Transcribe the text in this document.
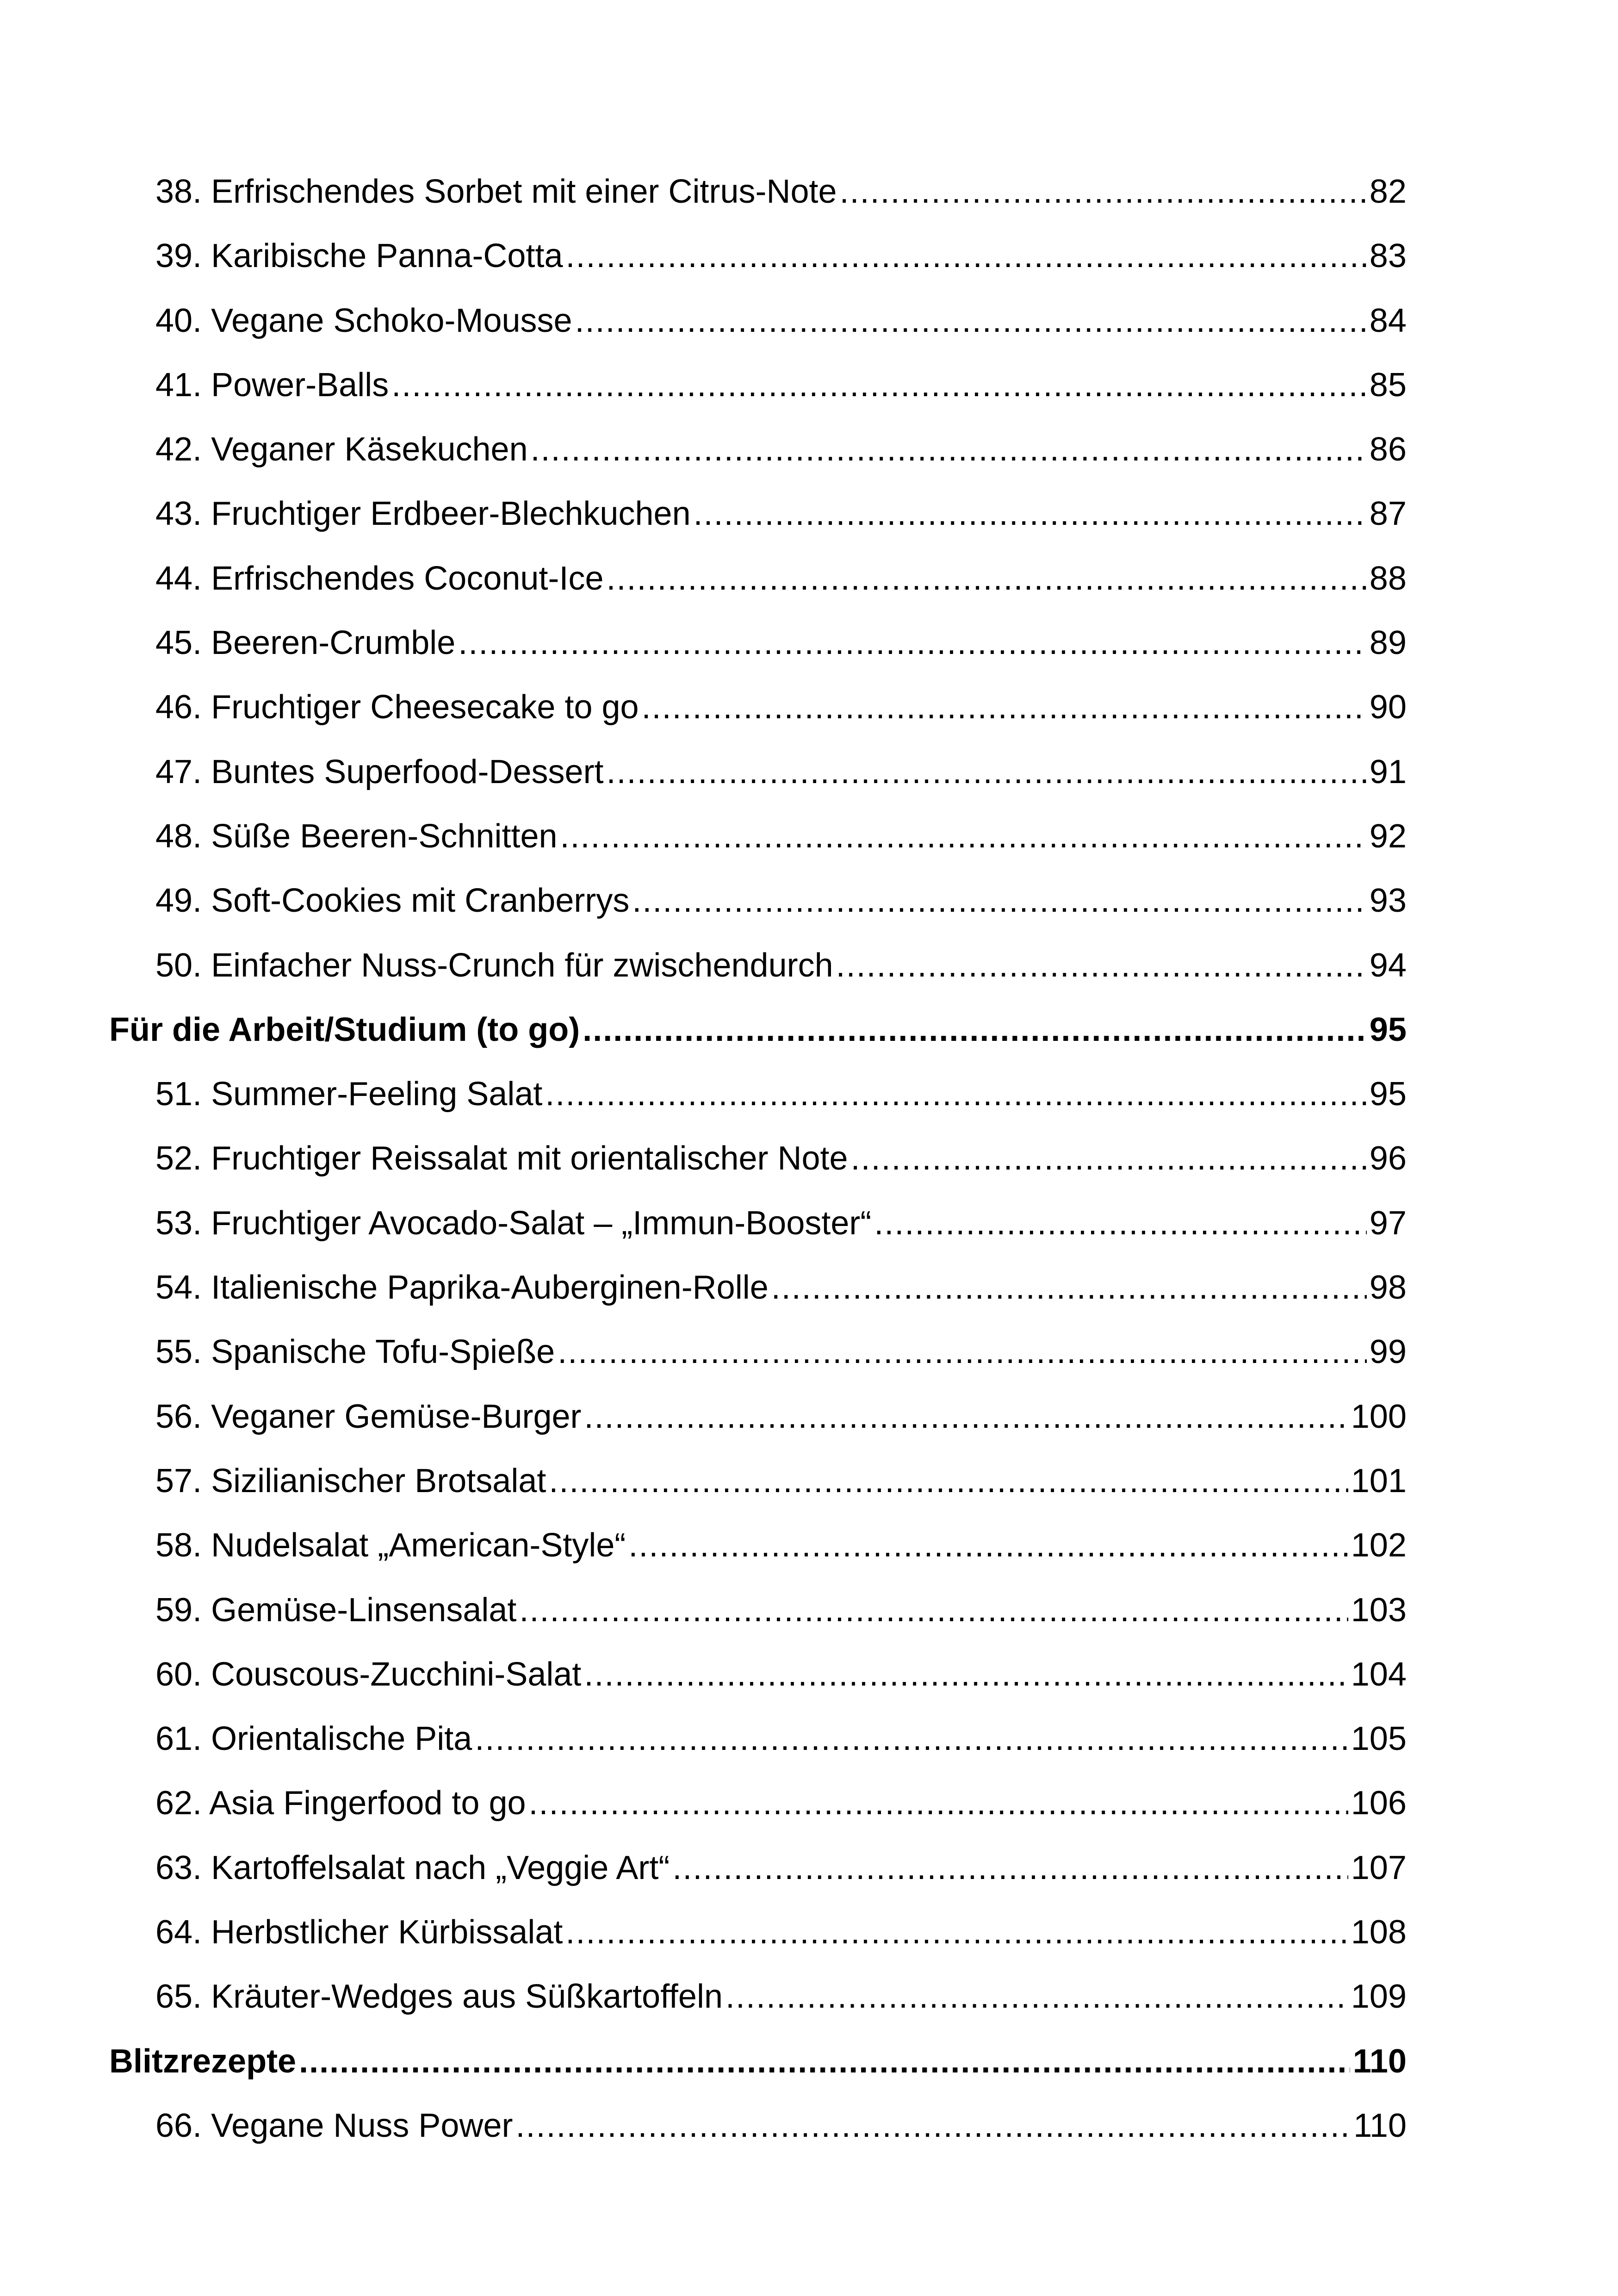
38. Erfrischendes Sorbet mit einer Citrus-Note .....	82
39. Karibische Panna-Cotta .....	83
40. Vegane Schoko-Mousse .....	84
41. Power-Balls .....	85
42. Veganer Käsekuchen .....	86
43. Fruchtiger Erdbeer-Blechkuchen .....	87
44. Erfrischendes Coconut-Ice .....	88
45. Beeren-Crumble .....	89
46. Fruchtiger Cheesecake to go .....	90
47. Buntes Superfood-Dessert .....	91
48. Süße Beeren-Schnitten .....	92
49. Soft-Cookies mit Cranberrys .....	93
50. Einfacher Nuss-Crunch für zwischendurch .....	94
Für die Arbeit/Studium (to go) .....	95
51. Summer-Feeling Salat .....	95
52. Fruchtiger Reissalat mit orientalischer Note .....	96
53. Fruchtiger Avocado-Salat – „Immun-Booster“ .....	97
54. Italienische Paprika-Auberginen-Rolle .....	98
55. Spanische Tofu-Spieße .....	99
56. Veganer Gemüse-Burger .....	100
57. Sizilianischer Brotsalat .....	101
58. Nudelsalat „American-Style“ .....	102
59. Gemüse-Linsensalat .....	103
60. Couscous-Zucchini-Salat .....	104
61. Orientalische Pita .....	105
62. Asia Fingerfood to go .....	106
63. Kartoffelsalat nach „Veggie Art“ .....	107
64. Herbstlicher Kürbissalat .....	108
65. Kräuter-Wedges aus Süßkartoffeln .....	109
Blitzrezepte .....	110
66. Vegane Nuss Power .....	110
